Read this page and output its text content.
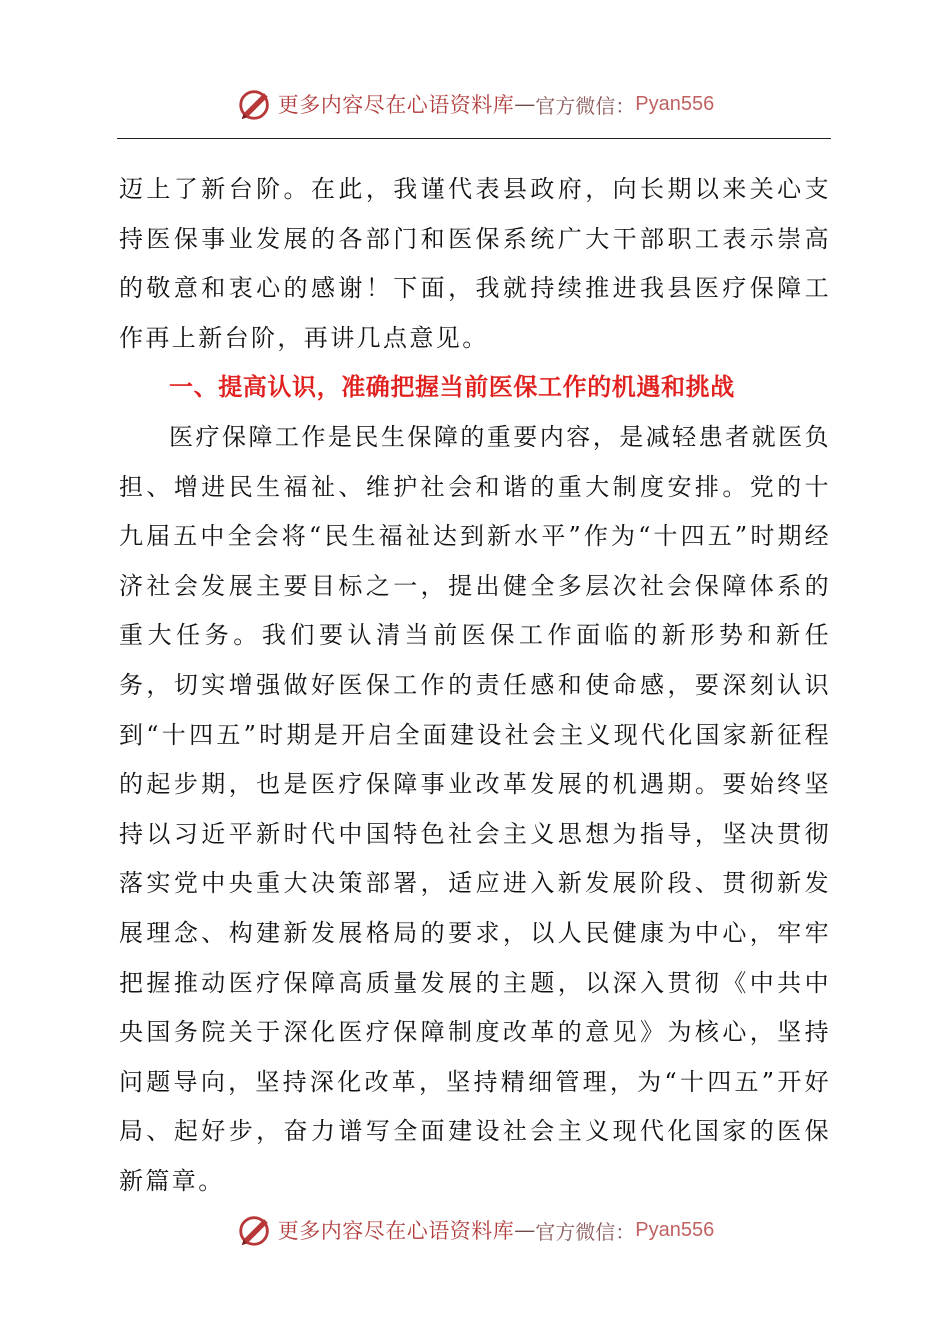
更多内容尽在心语资料库 — 官方微信： Pyan556

迈上了新台阶。在此，我谨代表县政府，向长期以来关心支持医保事业发展的各部门和医保系统广大干部职工表示崇高的敬意和衷心的感谢！下面，我就持续推进我县医疗保障工作再上新台阶，再讲几点意见。

一、提高认识，准确把握当前医保工作的机遇和挑战

医疗保障工作是民生保障的重要内容，是减轻患者就医负担、增进民生福祉、维护社会和谐的重大制度安排。党的十九届五中全会将“民生福祉达到新水平”作为“十四五”时期经济社会发展主要目标之一，提出健全多层次社会保障体系的重大任务。我们要认清当前医保工作面临的新形势和新任务，切实增强做好医保工作的责任感和使命感，要深刻认识到“十四五”时期是开启全面建设社会主义现代化国家新征程的起步期，也是医疗保障事业改革发展的机遇期。要始终坚持以习近平新时代中国特色社会主义思想为指导，坚决贯彻落实党中央重大决策部署，适应进入新发展阶段、贯彻新发展理念、构建新发展格局的要求，以人民健康为中心，牢牢把握推动医疗保障高质量发展的主题，以深入贯彻《中共中央国务院关于深化医疗保障制度改革的意见》为核心，坚持问题导向，坚持深化改革，坚持精细管理，为“十四五”开好局、起好步，奋力谱写全面建设社会主义现代化国家的医保新篇章。

更多内容尽在心语资料库 — 官方微信： Pyan556
